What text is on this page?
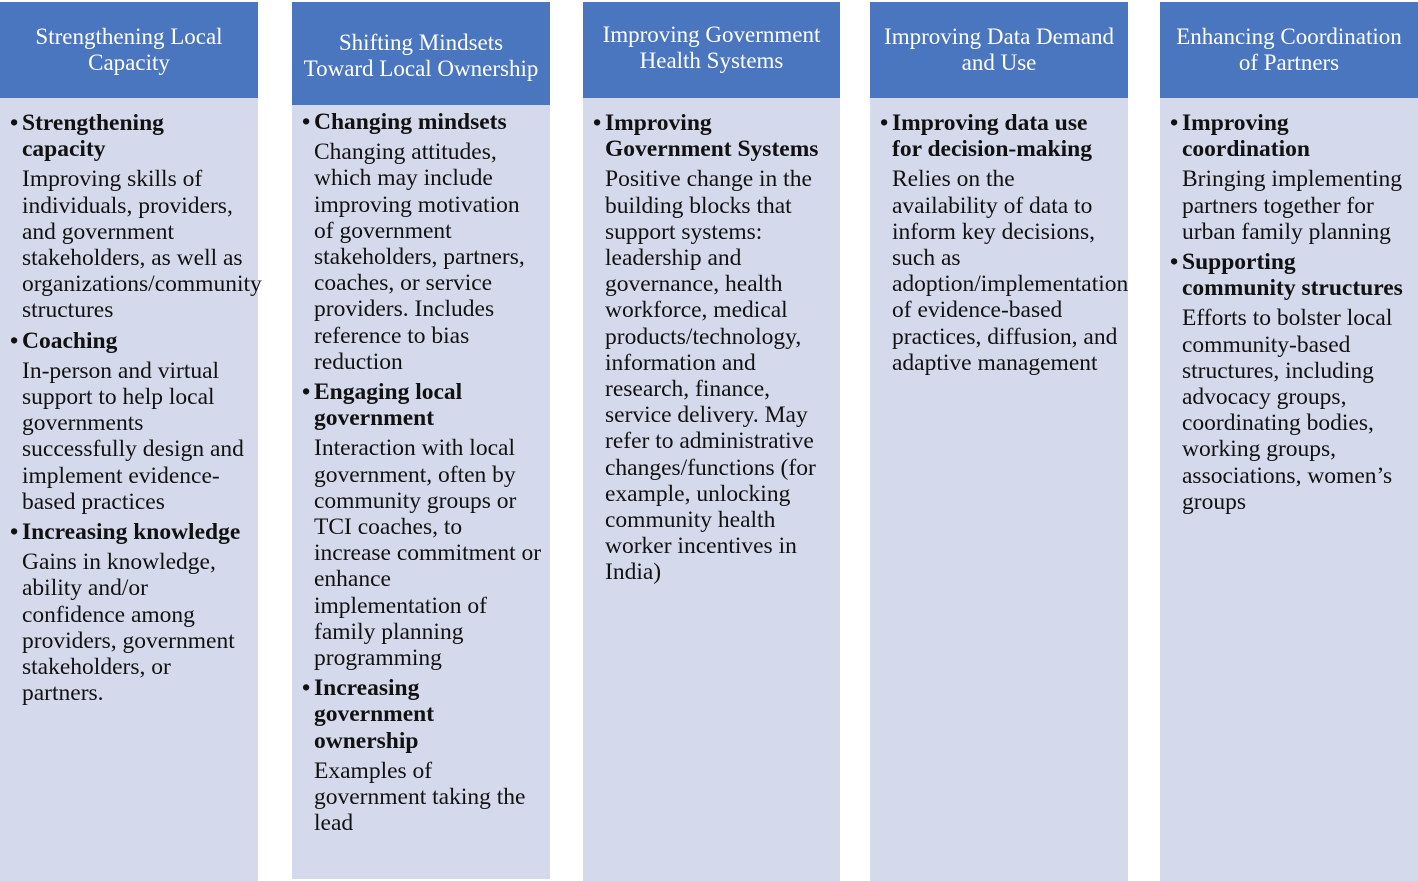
Strengthening Local Capacity
• Strengthening capacity
Improving skills of individuals, providers, and government stakeholders, as well as organizations/community structures
• Coaching
In-person and virtual support to help local governments successfully design and implement evidence-based practices
• Increasing knowledge
Gains in knowledge, ability and/or confidence among providers, government stakeholders, or partners.
Shifting Mindsets Toward Local Ownership
• Changing mindsets
Changing attitudes, which may include improving motivation of government stakeholders, partners, coaches, or service providers. Includes reference to bias reduction
• Engaging local government
Interaction with local government, often by community groups or TCI coaches, to increase commitment or enhance implementation of family planning programming
• Increasing government ownership
Examples of government taking the lead
Improving Government Health Systems
• Improving Government Systems
Positive change in the building blocks that support systems: leadership and governance, health workforce, medical products/technology, information and research, finance, service delivery. May refer to administrative changes/functions (for example, unlocking community health worker incentives in India)
Improving Data Demand and Use
• Improving data use for decision-making
Relies on the availability of data to inform key decisions, such as adoption/implementation of evidence-based practices, diffusion, and adaptive management
Enhancing Coordination of Partners
• Improving coordination
Bringing implementing partners together for urban family planning
• Supporting community structures
Efforts to bolster local community-based structures, including advocacy groups, coordinating bodies, working groups, associations, women’s groups
